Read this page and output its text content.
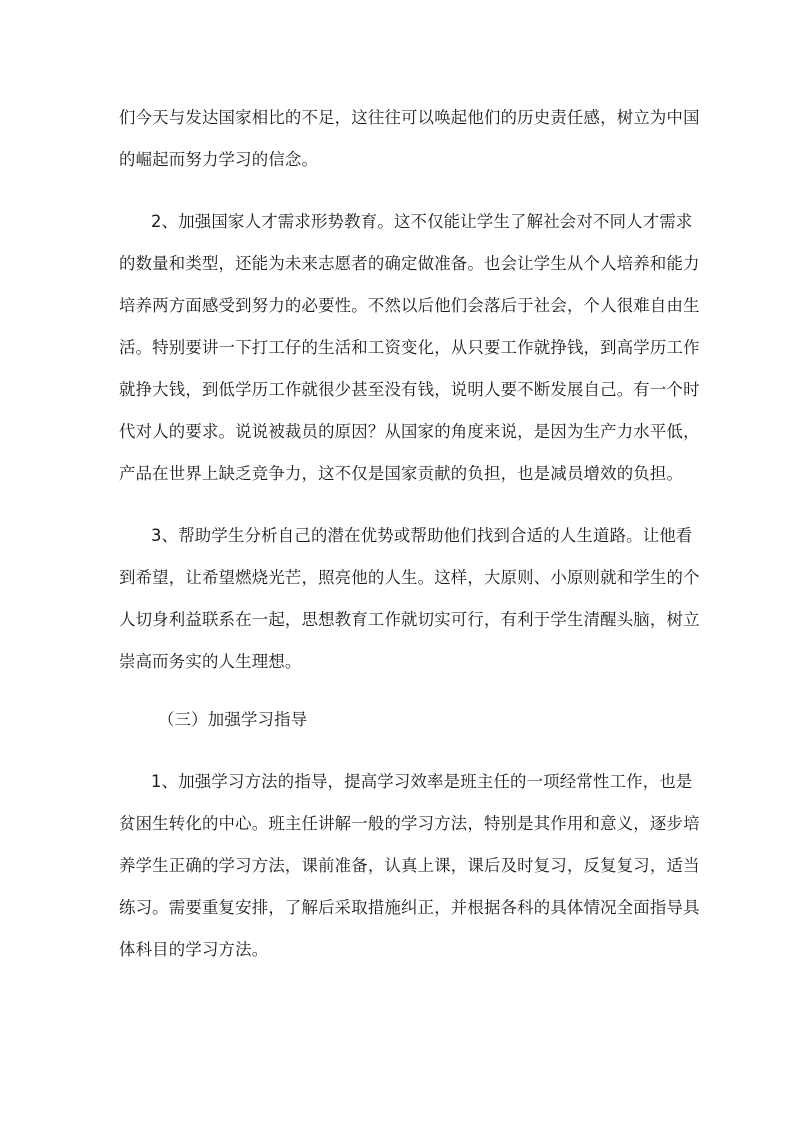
们今天与发达国家相比的不足，这往往可以唤起他们的历史责任感，树立为中国
的崛起而努力学习的信念。
2、加强国家人才需求形势教育。这不仅能让学生了解社会对不同人才需求
的数量和类型，还能为未来志愿者的确定做准备。也会让学生从个人培养和能力
培养两方面感受到努力的必要性。不然以后他们会落后于社会，个人很难自由生
活。特别要讲一下打工仔的生活和工资变化，从只要工作就挣钱，到高学历工作
就挣大钱，到低学历工作就很少甚至没有钱，说明人要不断发展自己。有一个时
代对人的要求。说说被裁员的原因？从国家的角度来说，是因为生产力水平低，
产品在世界上缺乏竞争力，这不仅是国家贡献的负担，也是减员增效的负担。
3、帮助学生分析自己的潜在优势或帮助他们找到合适的人生道路。让他看
到希望，让希望燃烧光芒，照亮他的人生。这样，大原则、小原则就和学生的个
人切身利益联系在一起，思想教育工作就切实可行，有利于学生清醒头脑，树立
崇高而务实的人生理想。
（三）加强学习指导
1、加强学习方法的指导，提高学习效率是班主任的一项经常性工作，也是
贫困生转化的中心。班主任讲解一般的学习方法，特别是其作用和意义，逐步培
养学生正确的学习方法，课前准备，认真上课，课后及时复习，反复复习，适当
练习。需要重复安排，了解后采取措施纠正，并根据各科的具体情况全面指导具
体科目的学习方法。
